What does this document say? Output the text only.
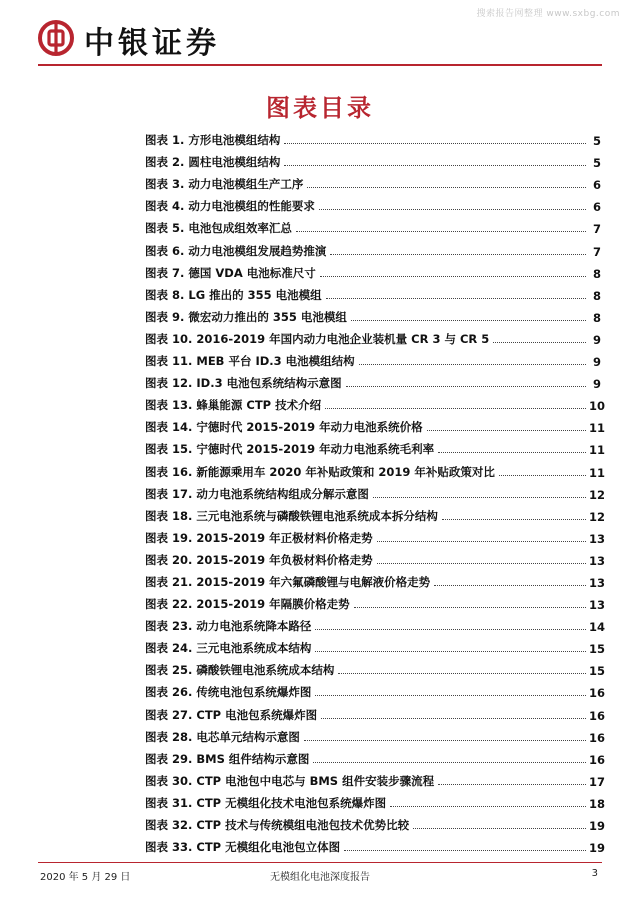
搜索报告网整理 www.sxbg.com
中银证券
图表目录
图表 1. 方形电池模组结构	5
图表 2. 圆柱电池模组结构	5
图表 3. 动力电池模组生产工序	6
图表 4. 动力电池模组的性能要求	6
图表 5. 电池包成组效率汇总	7
图表 6. 动力电池模组发展趋势推演	7
图表 7. 德国 VDA 电池标准尺寸	8
图表 8. LG 推出的 355 电池模组	8
图表 9. 微宏动力推出的 355 电池模组	8
图表 10. 2016-2019 年国内动力电池企业装机量 CR 3 与 CR 5	9
图表 11. MEB 平台 ID.3 电池模组结构	9
图表 12. ID.3 电池包系统结构示意图	9
图表 13. 蜂巢能源 CTP 技术介绍	10
图表 14. 宁德时代 2015-2019 年动力电池系统价格	11
图表 15. 宁德时代 2015-2019 年动力电池系统毛利率	11
图表 16. 新能源乘用车 2020 年补贴政策和 2019 年补贴政策对比	11
图表 17. 动力电池系统结构组成分解示意图	12
图表 18. 三元电池系统与磷酸铁锂电池系统成本拆分结构	12
图表 19. 2015-2019 年正极材料价格走势	13
图表 20. 2015-2019 年负极材料价格走势	13
图表 21. 2015-2019 年六氟磷酸锂与电解液价格走势	13
图表 22. 2015-2019 年隔膜价格走势	13
图表 23. 动力电池系统降本路径	14
图表 24. 三元电池系统成本结构	15
图表 25. 磷酸铁锂电池系统成本结构	15
图表 26. 传统电池包系统爆炸图	16
图表 27. CTP 电池包系统爆炸图	16
图表 28. 电芯单元结构示意图	16
图表 29. BMS 组件结构示意图	16
图表 30. CTP 电池包中电芯与 BMS 组件安装步骤流程	17
图表 31. CTP 无模组化技术电池包系统爆炸图	18
图表 32. CTP 技术与传统模组电池包技术优势比较	19
图表 33. CTP 无模组化电池包立体图	19
2020 年 5 月 29 日	无模组化电池深度报告	3
